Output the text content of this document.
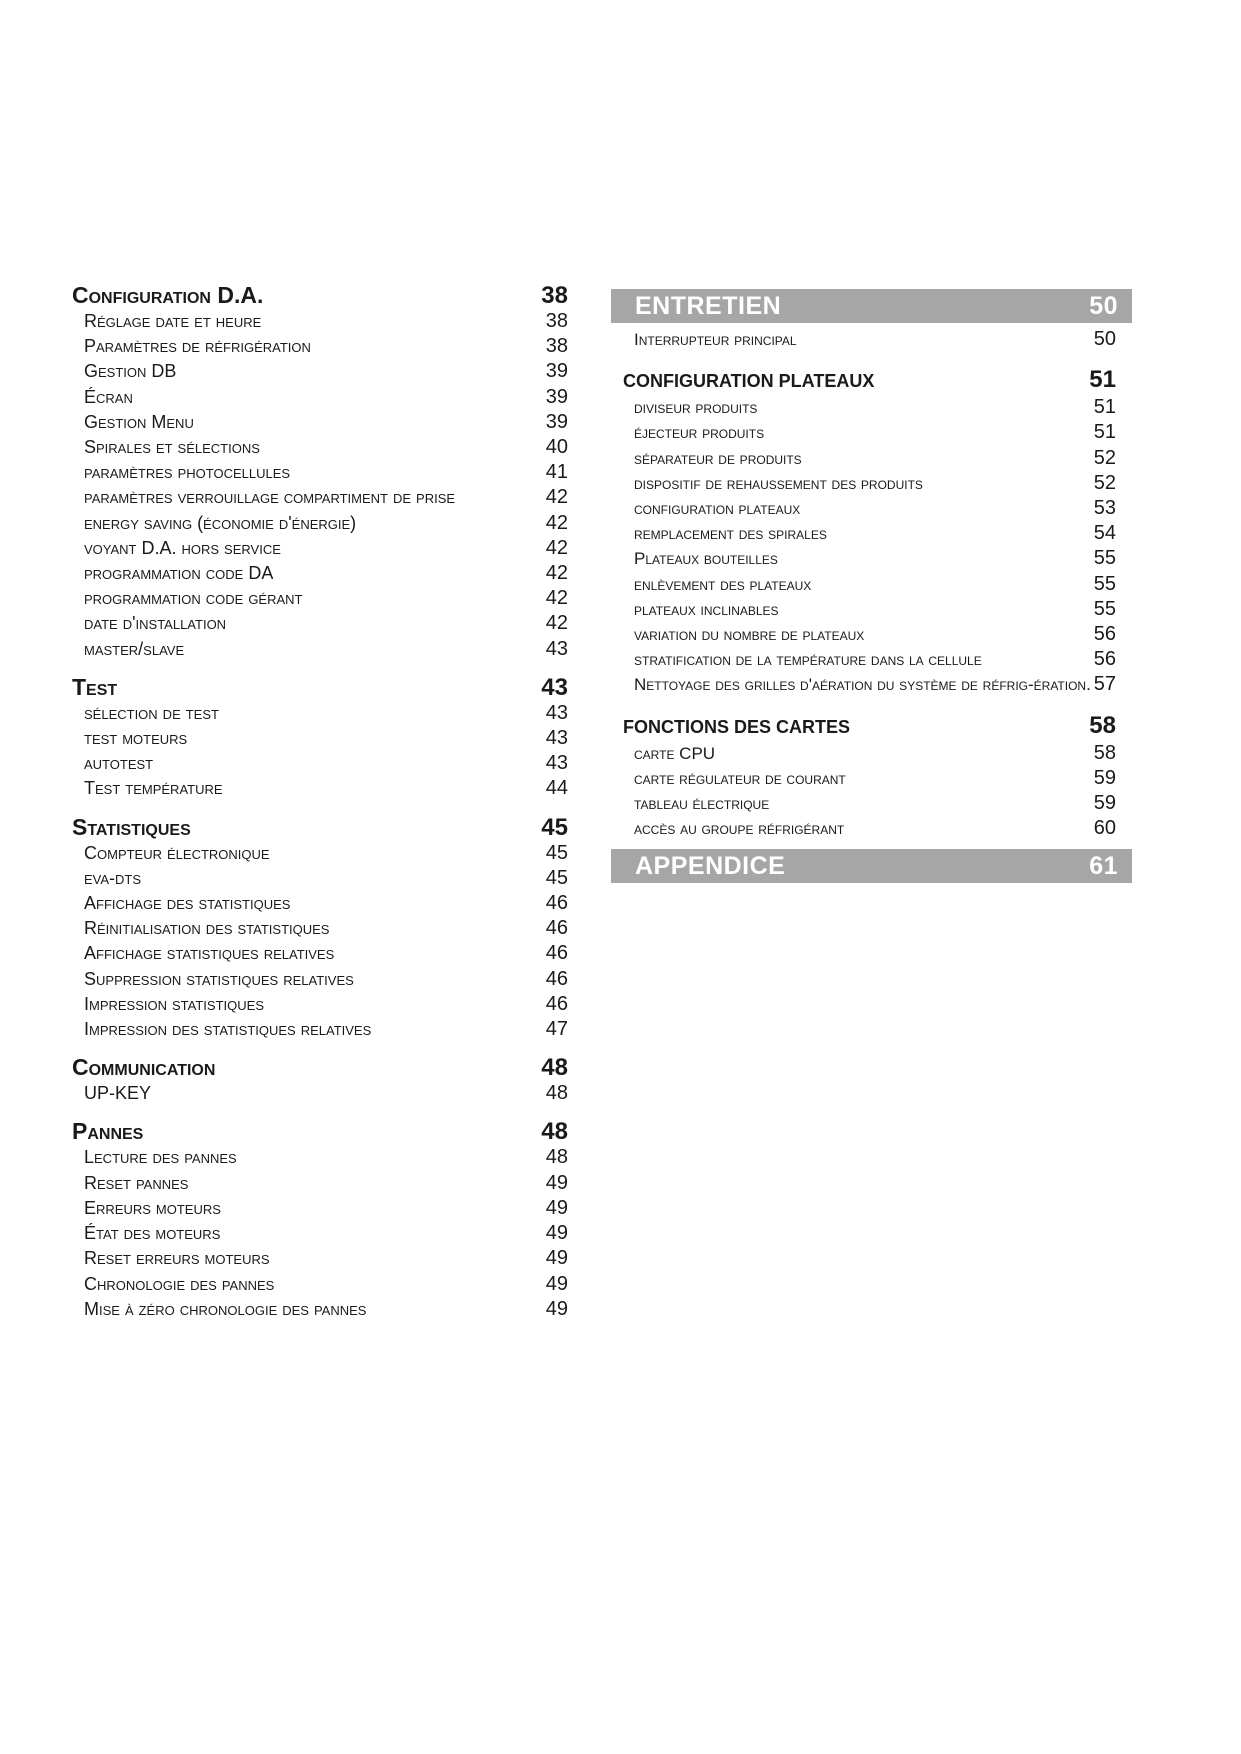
Configuration D.A.	38
Réglage date et heure	38
Paramètres de réfrigération	38
Gestion DB	39
Écran	39
Gestion Menu	39
Spirales et sélections	40
paramètres photocellules	41
paramètres verrouillage compartiment de prise	42
energy saving (économie d'énergie)	42
voyant D.A. hors service	42
programmation code DA	42
programmation code gérant	42
date d'installation	42
master/slave	43
Test	43
sélection de test	43
test moteurs	43
autotest	43
Test température	44
Statistiques	45
Compteur électronique	45
eva-dts	45
Affichage des statistiques	46
Réinitialisation des statistiques	46
Affichage statistiques relatives	46
Suppression statistiques relatives	46
Impression statistiques	46
Impression des statistiques relatives	47
Communication	48
UP-KEY	48
Pannes	48
Lecture des pannes	48
Reset pannes	49
Erreurs moteurs	49
État des moteurs	49
Reset erreurs moteurs	49
Chronologie des pannes	49
Mise à zéro chronologie des pannes	49
ENTRETIEN	50
Interrupteur principal	50
CONFIGURATION PLATEAUX	51
diviseur produits	51
éjecteur produits	51
séparateur de produits	52
dispositif de rehaussement des produits	52
configuration plateaux	53
remplacement des spirales	54
Plateaux bouteilles	55
enlèvement des plateaux	55
plateaux inclinables	55
variation du nombre de plateaux	56
stratification de la température dans la cellule	56
Nettoyage des grilles d'aération du système de réfrig-ération. 57
FONCTIONS DES CARTES	58
carte CPU	58
carte régulateur de courant	59
tableau électrique	59
accès au groupe réfrigérant	60
APPENDICE	61
